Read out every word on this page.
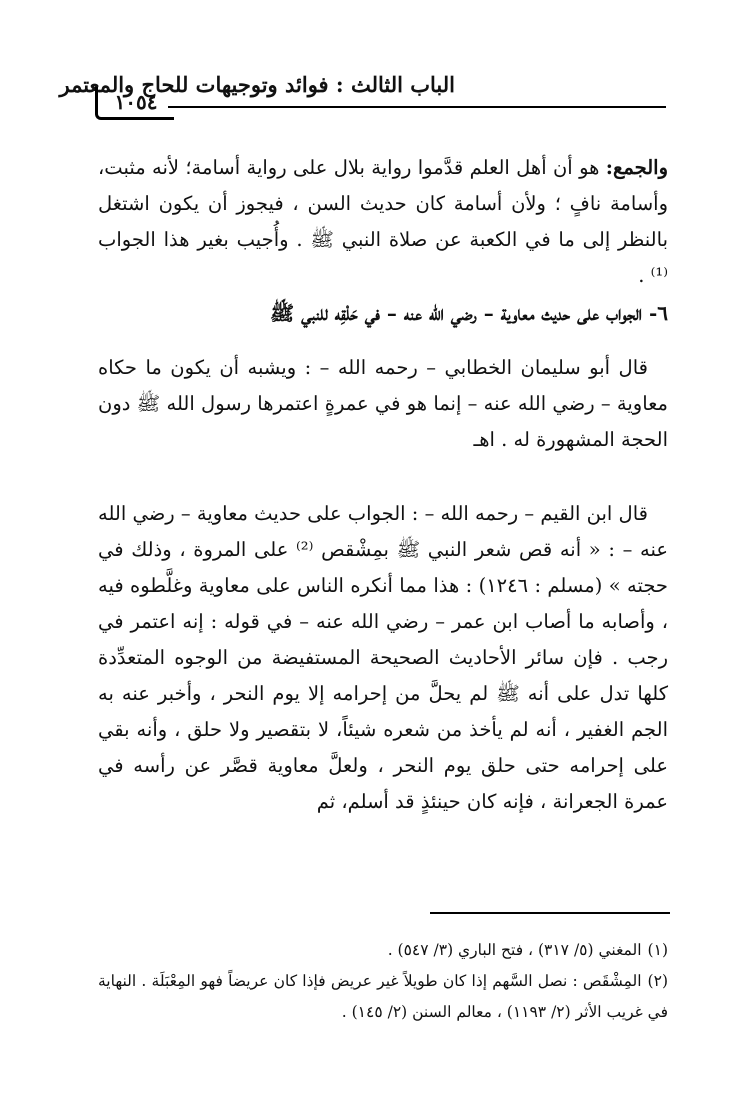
الباب الثالث : فوائد وتوجيهات للحاج والمعتمر
١٠٥٤
والجمع: هو أن أهل العلم قدَّموا رواية بلال على رواية أسامة؛ لأنه مثبت، وأسامة نافٍ ؛ ولأن أسامة كان حديث السن ، فيجوز أن يكون اشتغل بالنظر إلى ما في الكعبة عن صلاة النبي ﷺ . وأُجيب بغير هذا الجواب ⁽¹⁾ .
٦- الجواب على حديث معاوية – رضي الله عنه – في حَلْقِه للنبي ﷺ
قال أبو سليمان الخطابي – رحمه الله – : ويشبه أن يكون ما حكاه معاوية – رضي الله عنه – إنما هو في عمرةٍ اعتمرها رسول الله ﷺ دون الحجة المشهورة له . اهـ
قال ابن القيم – رحمه الله – : الجواب على حديث معاوية – رضي الله عنه – : « أنه قص شعر النبي ﷺ بمِشْقص ⁽²⁾ على المروة ، وذلك في حجته » (مسلم : ١٢٤٦) : هذا مما أنكره الناس على معاوية وغلَّطوه فيه ، وأصابه ما أصاب ابن عمر – رضي الله عنه – في قوله : إنه اعتمر في رجب . فإن سائر الأحاديث الصحيحة المستفيضة من الوجوه المتعدِّدة كلها تدل على أنه ﷺ لم يحلَّ من إحرامه إلا يوم النحر ، وأخبر عنه به الجم الغفير ، أنه لم يأخذ من شعره شيئاً، لا بتقصير ولا حلق ، وأنه بقي على إحرامه حتى حلق يوم النحر ، ولعلَّ معاوية قصَّر عن رأسه في عمرة الجعرانة ، فإنه كان حينئذٍ قد أسلم، ثم
(١)المغني (٥/ ٣١٧) ، فتح الباري (٣/ ٥٤٧) .
(٢)المِشْقَص : نصل السَّهم إذا كان طويلاً غير عريض فإذا كان عريضاً فهو المِعْبَلَة . النهاية في غريب الأثر (٢/ ١١٩٣) ، معالم السنن (٢/ ١٤٥) .
